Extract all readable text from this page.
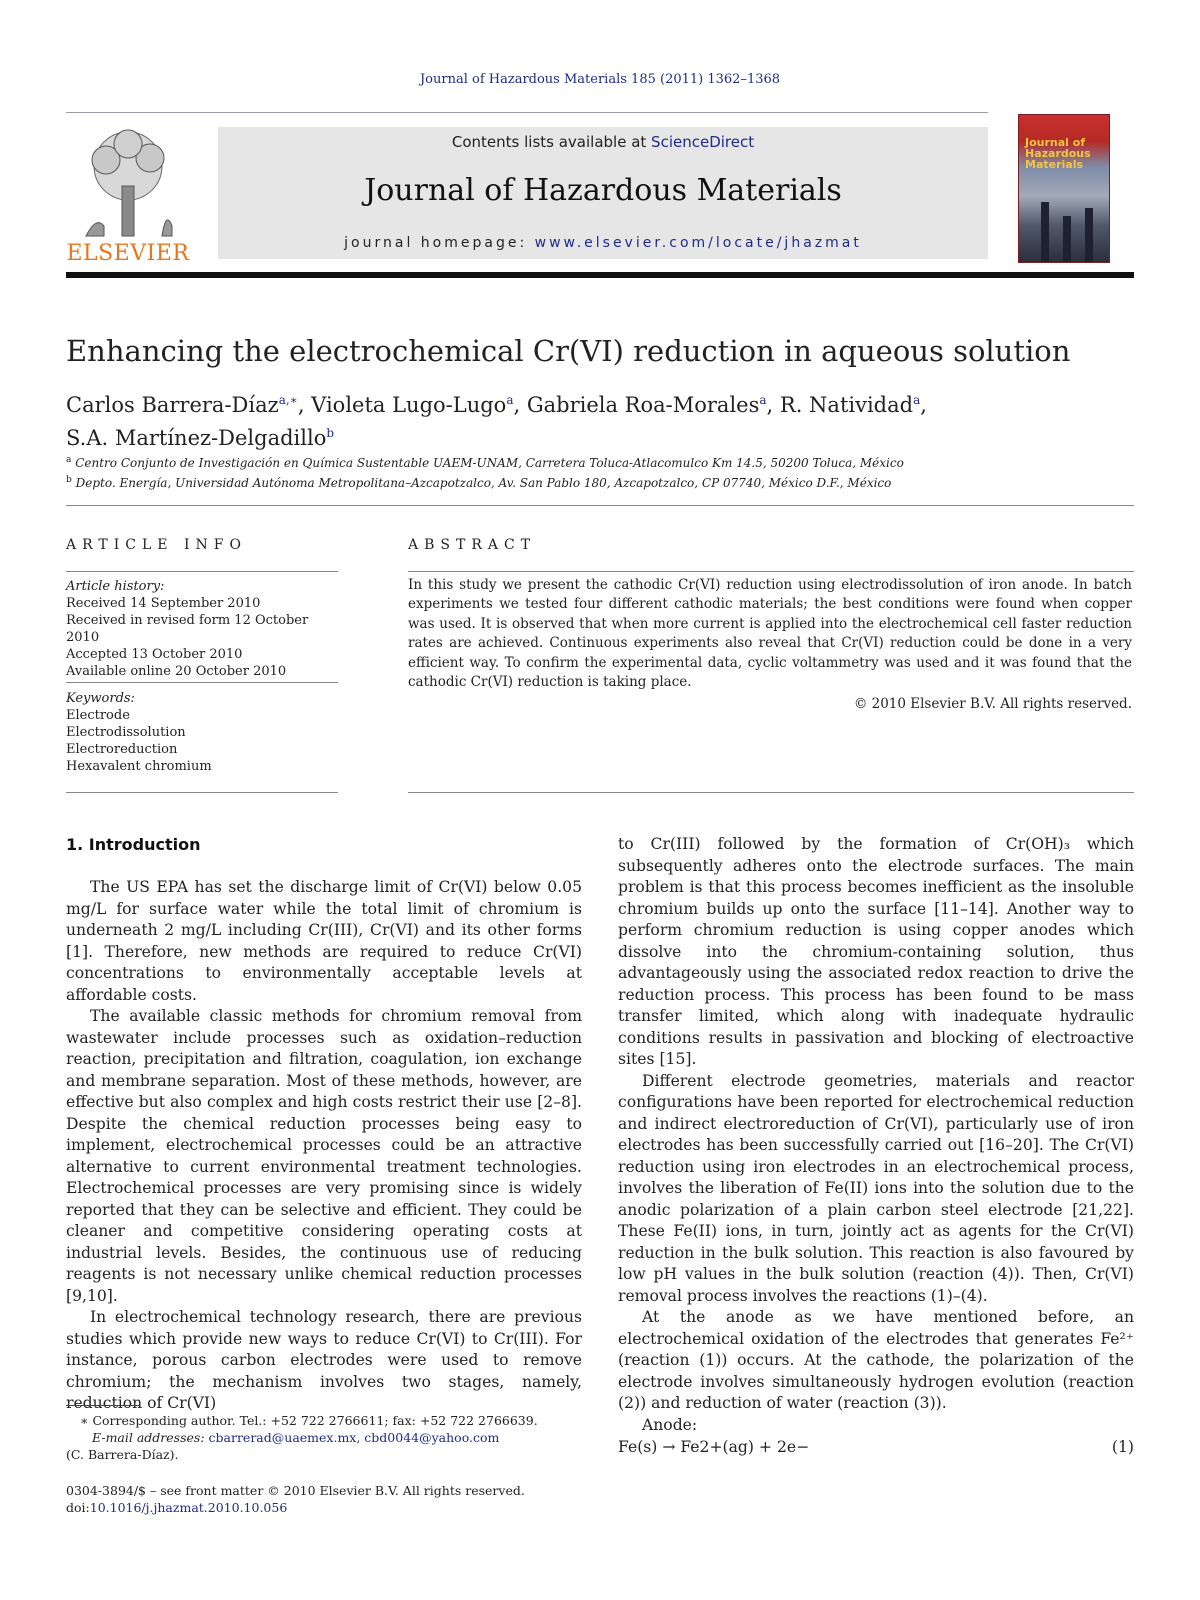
Journal of Hazardous Materials 185 (2011) 1362–1368
ELSEVIER
Contents lists available at ScienceDirect
Journal of Hazardous Materials
journal homepage: www.elsevier.com/locate/jhazmat
Journal of Hazardous Materials
Enhancing the electrochemical Cr(VI) reduction in aqueous solution
Carlos Barrera-Díaz$^{a,∗}$, Violeta Lugo-Lugo$^a$, Gabriela Roa-Morales$^a$, R. Natividad$^a$,
S.A. Martínez-Delgadillo$^b$
$^a$ Centro Conjunto de Investigación en Química Sustentable UAEM-UNAM, Carretera Toluca-Atlacomulco Km 14.5, 50200 Toluca, México
$^b$ Depto. Energía, Universidad Autónoma Metropolitana–Azcapotzalco, Av. San Pablo 180, Azcapotzalco, CP 07740, México D.F., México
ARTICLE INFO
Article history:
Received 14 September 2010
Received in revised form 12 October 2010
Accepted 13 October 2010
Available online 20 October 2010
Keywords:
Electrode
Electrodissolution
Electroreduction
Hexavalent chromium
ABSTRACT
In this study we present the cathodic Cr(VI) reduction using electrodissolution of iron anode. In batch experiments we tested four different cathodic materials; the best conditions were found when copper was used. It is observed that when more current is applied into the electrochemical cell faster reduction rates are achieved. Continuous experiments also reveal that Cr(VI) reduction could be done in a very efficient way. To confirm the experimental data, cyclic voltammetry was used and it was found that the cathodic Cr(VI) reduction is taking place.
© 2010 Elsevier B.V. All rights reserved.
1. Introduction

The US EPA has set the discharge limit of Cr(VI) below 0.05 mg/L for surface water while the total limit of chromium is underneath 2 mg/L including Cr(III), Cr(VI) and its other forms [1]. Therefore, new methods are required to reduce Cr(VI) concentrations to environmentally acceptable levels at affordable costs.

The available classic methods for chromium removal from wastewater include processes such as oxidation–reduction reaction, precipitation and filtration, coagulation, ion exchange and membrane separation. Most of these methods, however, are effective but also complex and high costs restrict their use [2–8]. Despite the chemical reduction processes being easy to implement, electrochemical processes could be an attractive alternative to current environmental treatment technologies. Electrochemical processes are very promising since is widely reported that they can be selective and efficient. They could be cleaner and competitive considering operating costs at industrial levels. Besides, the continuous use of reducing reagents is not necessary unlike chemical reduction processes [9,10].

In electrochemical technology research, there are previous studies which provide new ways to reduce Cr(VI) to Cr(III). For instance, porous carbon electrodes were used to remove chromium; the mechanism involves two stages, namely, reduction of Cr(VI)

to Cr(III) followed by the formation of Cr(OH)₃ which subsequently adheres onto the electrode surfaces. The main problem is that this process becomes inefficient as the insoluble chromium builds up onto the surface [11–14]. Another way to perform chromium reduction is using copper anodes which dissolve into the chromium-containing solution, thus advantageously using the associated redox reaction to drive the reduction process. This process has been found to be mass transfer limited, which along with inadequate hydraulic conditions results in passivation and blocking of electroactive sites [15].

Different electrode geometries, materials and reactor configurations have been reported for electrochemical reduction and indirect electroreduction of Cr(VI), particularly use of iron electrodes has been successfully carried out [16–20]. The Cr(VI) reduction using iron electrodes in an electrochemical process, involves the liberation of Fe(II) ions into the solution due to the anodic polarization of a plain carbon steel electrode [21,22]. These Fe(II) ions, in turn, jointly act as agents for the Cr(VI) reduction in the bulk solution. This reaction is also favoured by low pH values in the bulk solution (reaction (4)). Then, Cr(VI) removal process involves the reactions (1)–(4).

At the anode as we have mentioned before, an electrochemical oxidation of the electrodes that generates Fe²⁺ (reaction (1)) occurs. At the cathode, the polarization of the electrode involves simultaneously hydrogen evolution (reaction (2)) and reduction of water (reaction (3)).

Anode:

Fe(s) → Fe2+(ag) + 2e−	(1)
∗ Corresponding author. Tel.: +52 722 2766611; fax: +52 722 2766639.
E-mail addresses: cbarrerad@uaemex.mx, cbd0044@yahoo.com
(C. Barrera-Díaz).
0304-3894/$ – see front matter © 2010 Elsevier B.V. All rights reserved.
doi:10.1016/j.jhazmat.2010.10.056
